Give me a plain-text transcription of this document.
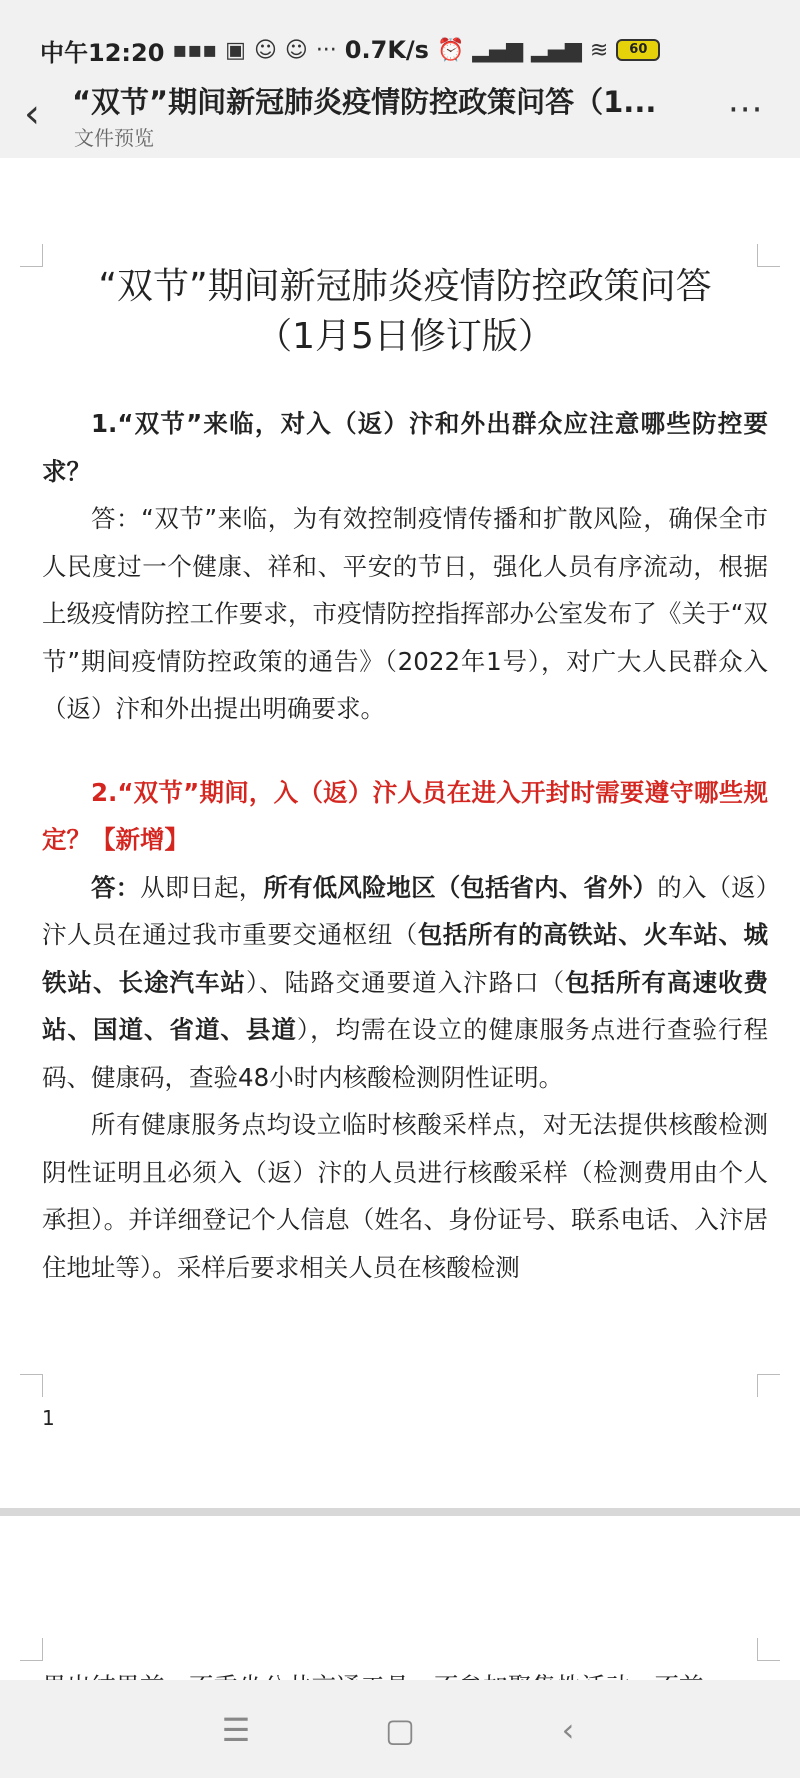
中午12:20 ▪▪▪ ▣ ☺ ☺ ··· 0.7K/s ⏰ ▂▄▆ ▂▄▆ ≋	60
‹	“双节”期间新冠肺炎疫情防控政策问答（1...
文件预览
···
“双节”期间新冠肺炎疫情防控政策问答
（1月5日修订版）

1.“双节”来临，对入（返）汴和外出群众应注意哪些防控要求？

答：“双节”来临，为有效控制疫情传播和扩散风险，确保全市人民度过一个健康、祥和、平安的节日，强化人员有序流动，根据上级疫情防控工作要求，市疫情防控指挥部办公室发布了《关于“双节”期间疫情防控政策的通告》（2022年1号），对广大人民群众入（返）汴和外出提出明确要求。

2.“双节”期间，入（返）汴人员在进入开封时需要遵守哪些规定？【新增】

答：从即日起，所有低风险地区（包括省内、省外）的入（返）汴人员在通过我市重要交通枢纽（包括所有的高铁站、火车站、城铁站、长途汽车站）、陆路交通要道入汴路口（包括所有高速收费站、国道、省道、县道），均需在设立的健康服务点进行查验行程码、健康码，查验48小时内核酸检测阴性证明。

所有健康服务点均设立临时核酸采样点，对无法提供核酸检测阴性证明且必须入（返）汴的人员进行核酸采样（检测费用由个人承担）。并详细登记个人信息（姓名、身份证号、联系电话、入汴居住地址等）。采样后要求相关人员在核酸检测

1
☰	▢	‹
